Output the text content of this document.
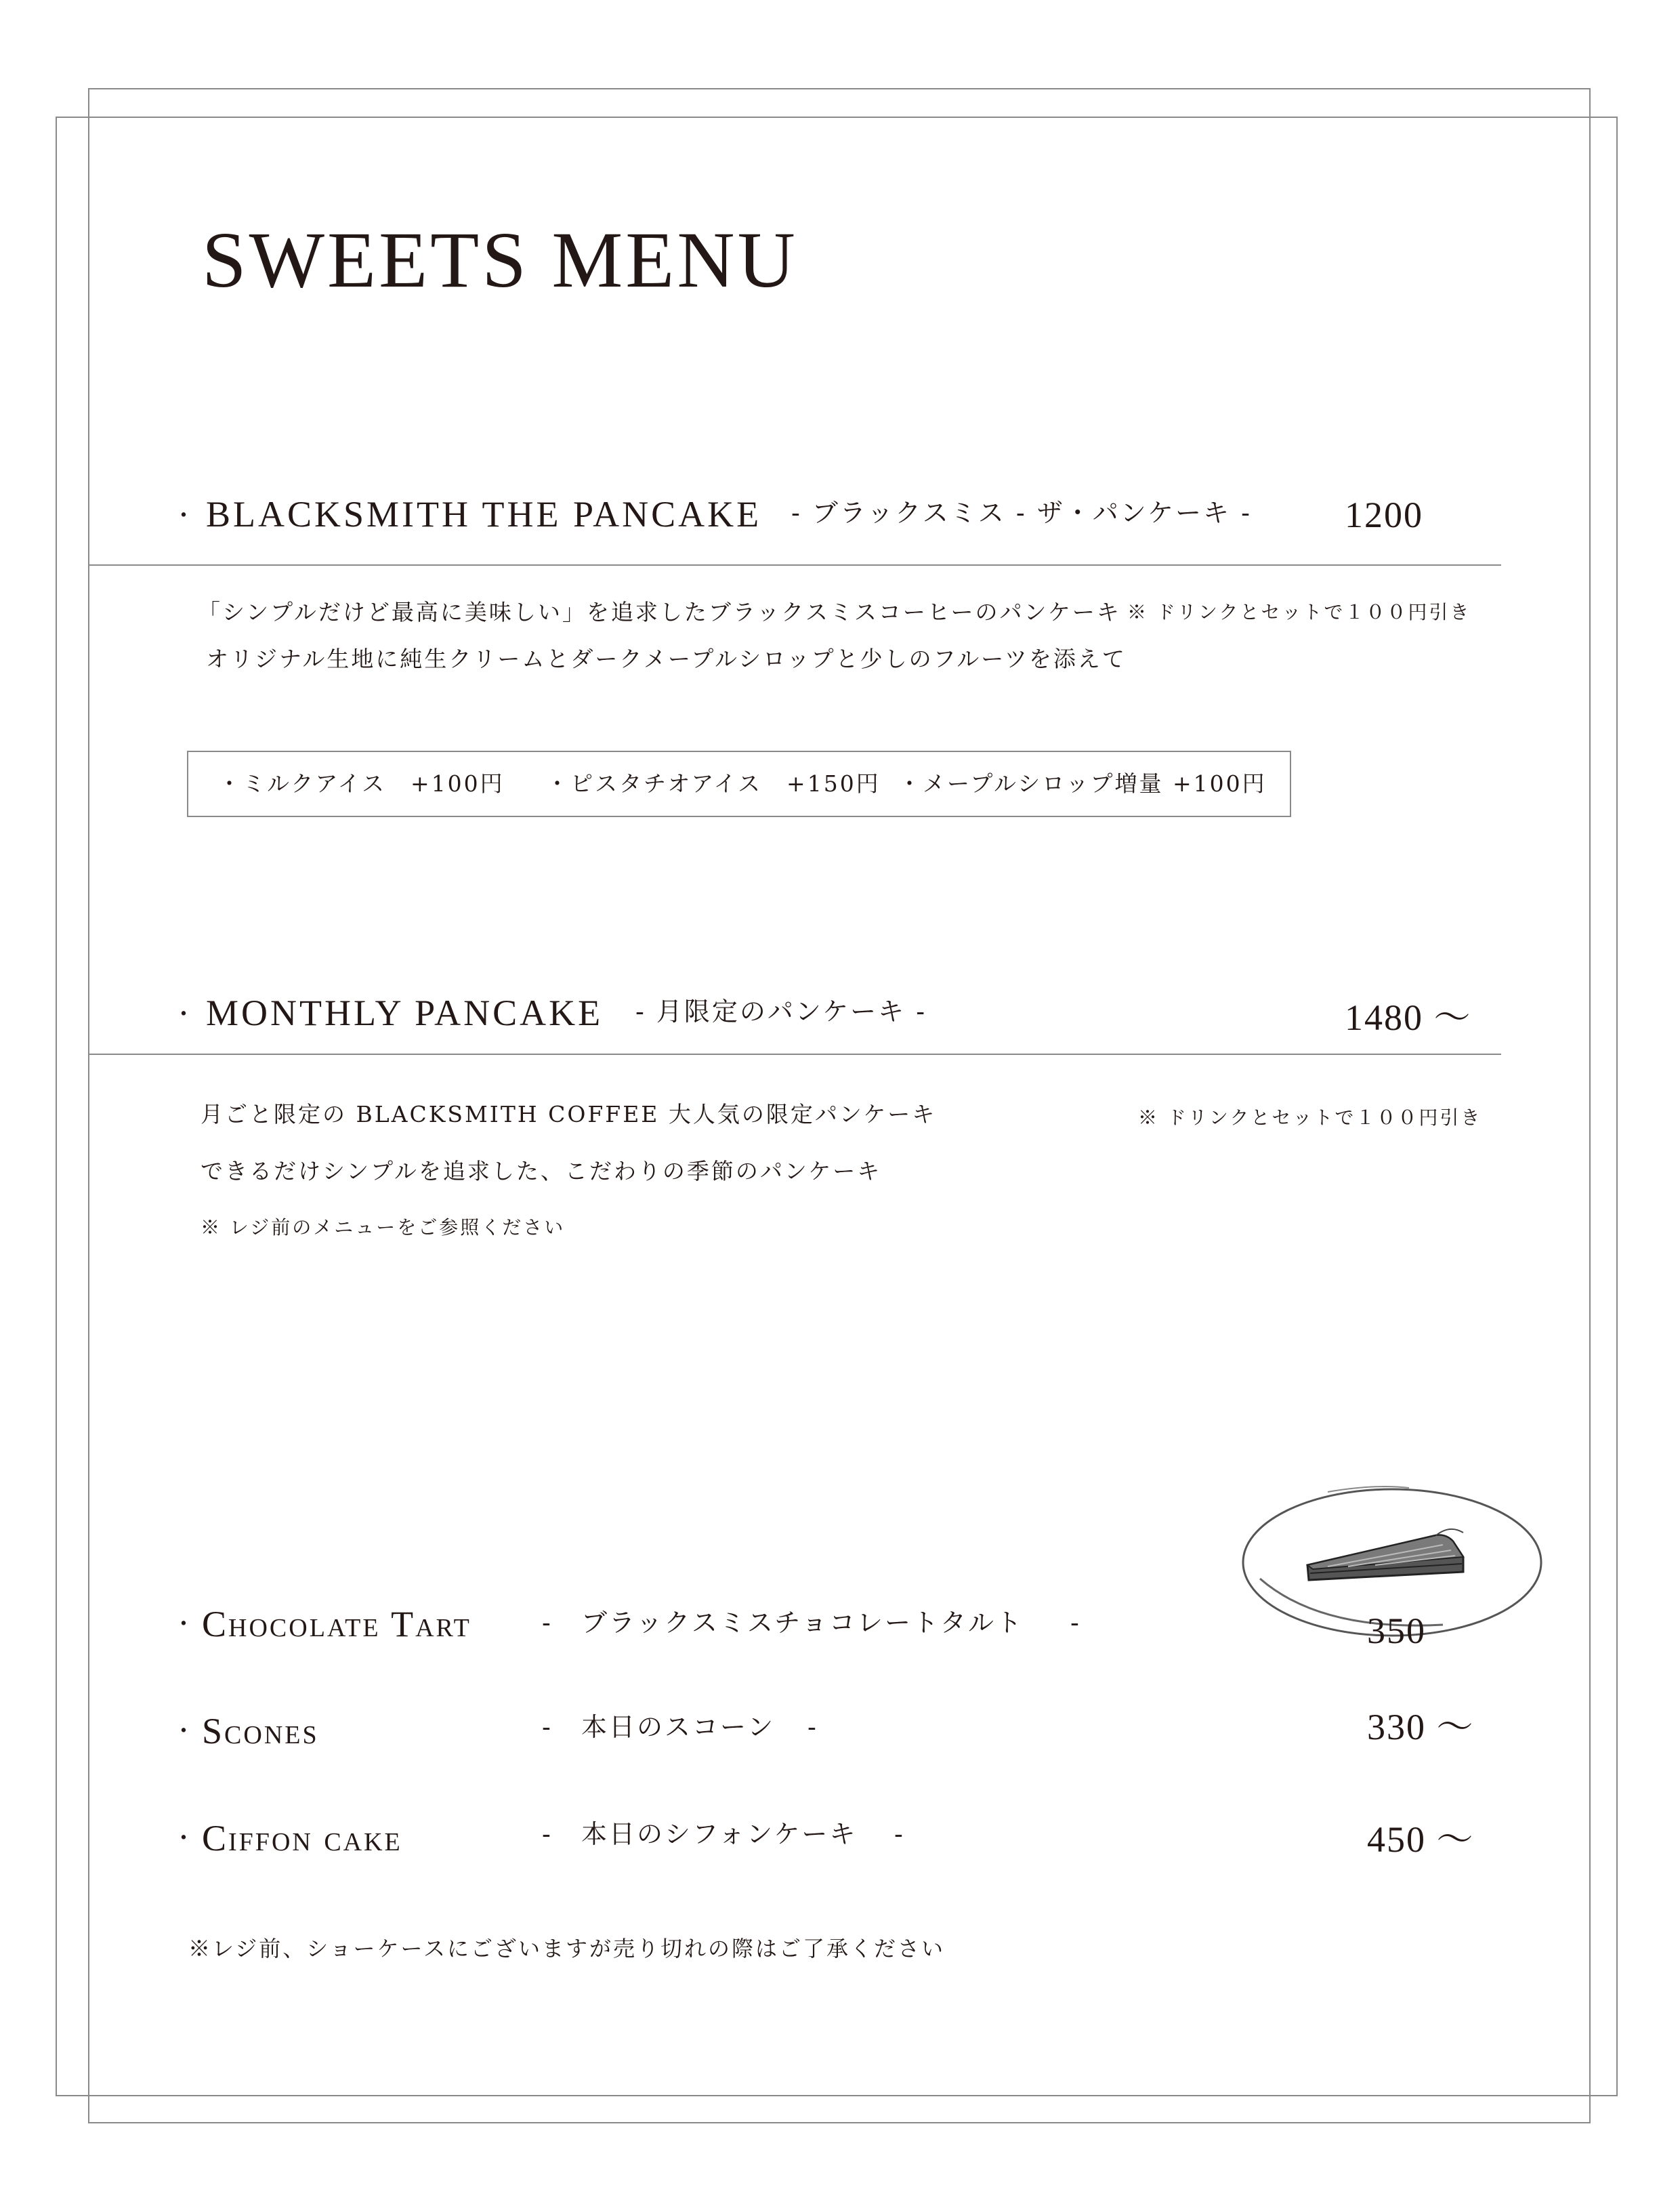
SWEETS MENU
· BLACKSMITH THE PANCAKE - ブラックスミス - ザ・パンケーキ -	1200
「シンプルだけど最高に美味しい」を追求したブラックスミスコーヒーのパンケーキ
オリジナル生地に純生クリームとダークメープルシロップと少しのフルーツを添えて
※ ドリンクとセットで１００円引き
・ミルクアイス　+100円 ・ピスタチオアイス　+150円 ・メープルシロップ増量 +100円
· MONTHLY PANCAKE - 月限定のパンケーキ -	1480 〜
月ごと限定の BLACKSMITH COFFEE 大人気の限定パンケーキ
できるだけシンプルを追求した、こだわりの季節のパンケーキ
※ レジ前のメニューをご参照ください
※ ドリンクとセットで１００円引き
· Chocolate Tart	- ブラックスミスチョコレートタルト -	350
· Scones	- 本日のスコーン -	330 〜
· Ciffon cake	- 本日のシフォンケーキ -	450 〜
※レジ前、ショーケースにございますが売り切れの際はご了承ください
